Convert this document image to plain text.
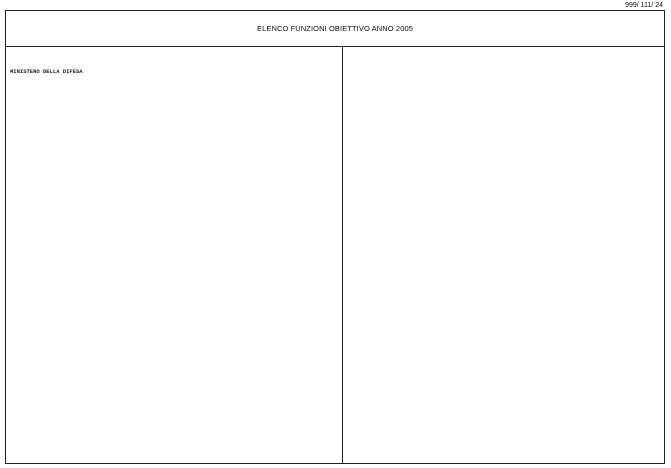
999/ 111/ 24
ELENCO FUNZIONI OBIETTIVO ANNO 2005
MINISTERO DELLA DIFESA
